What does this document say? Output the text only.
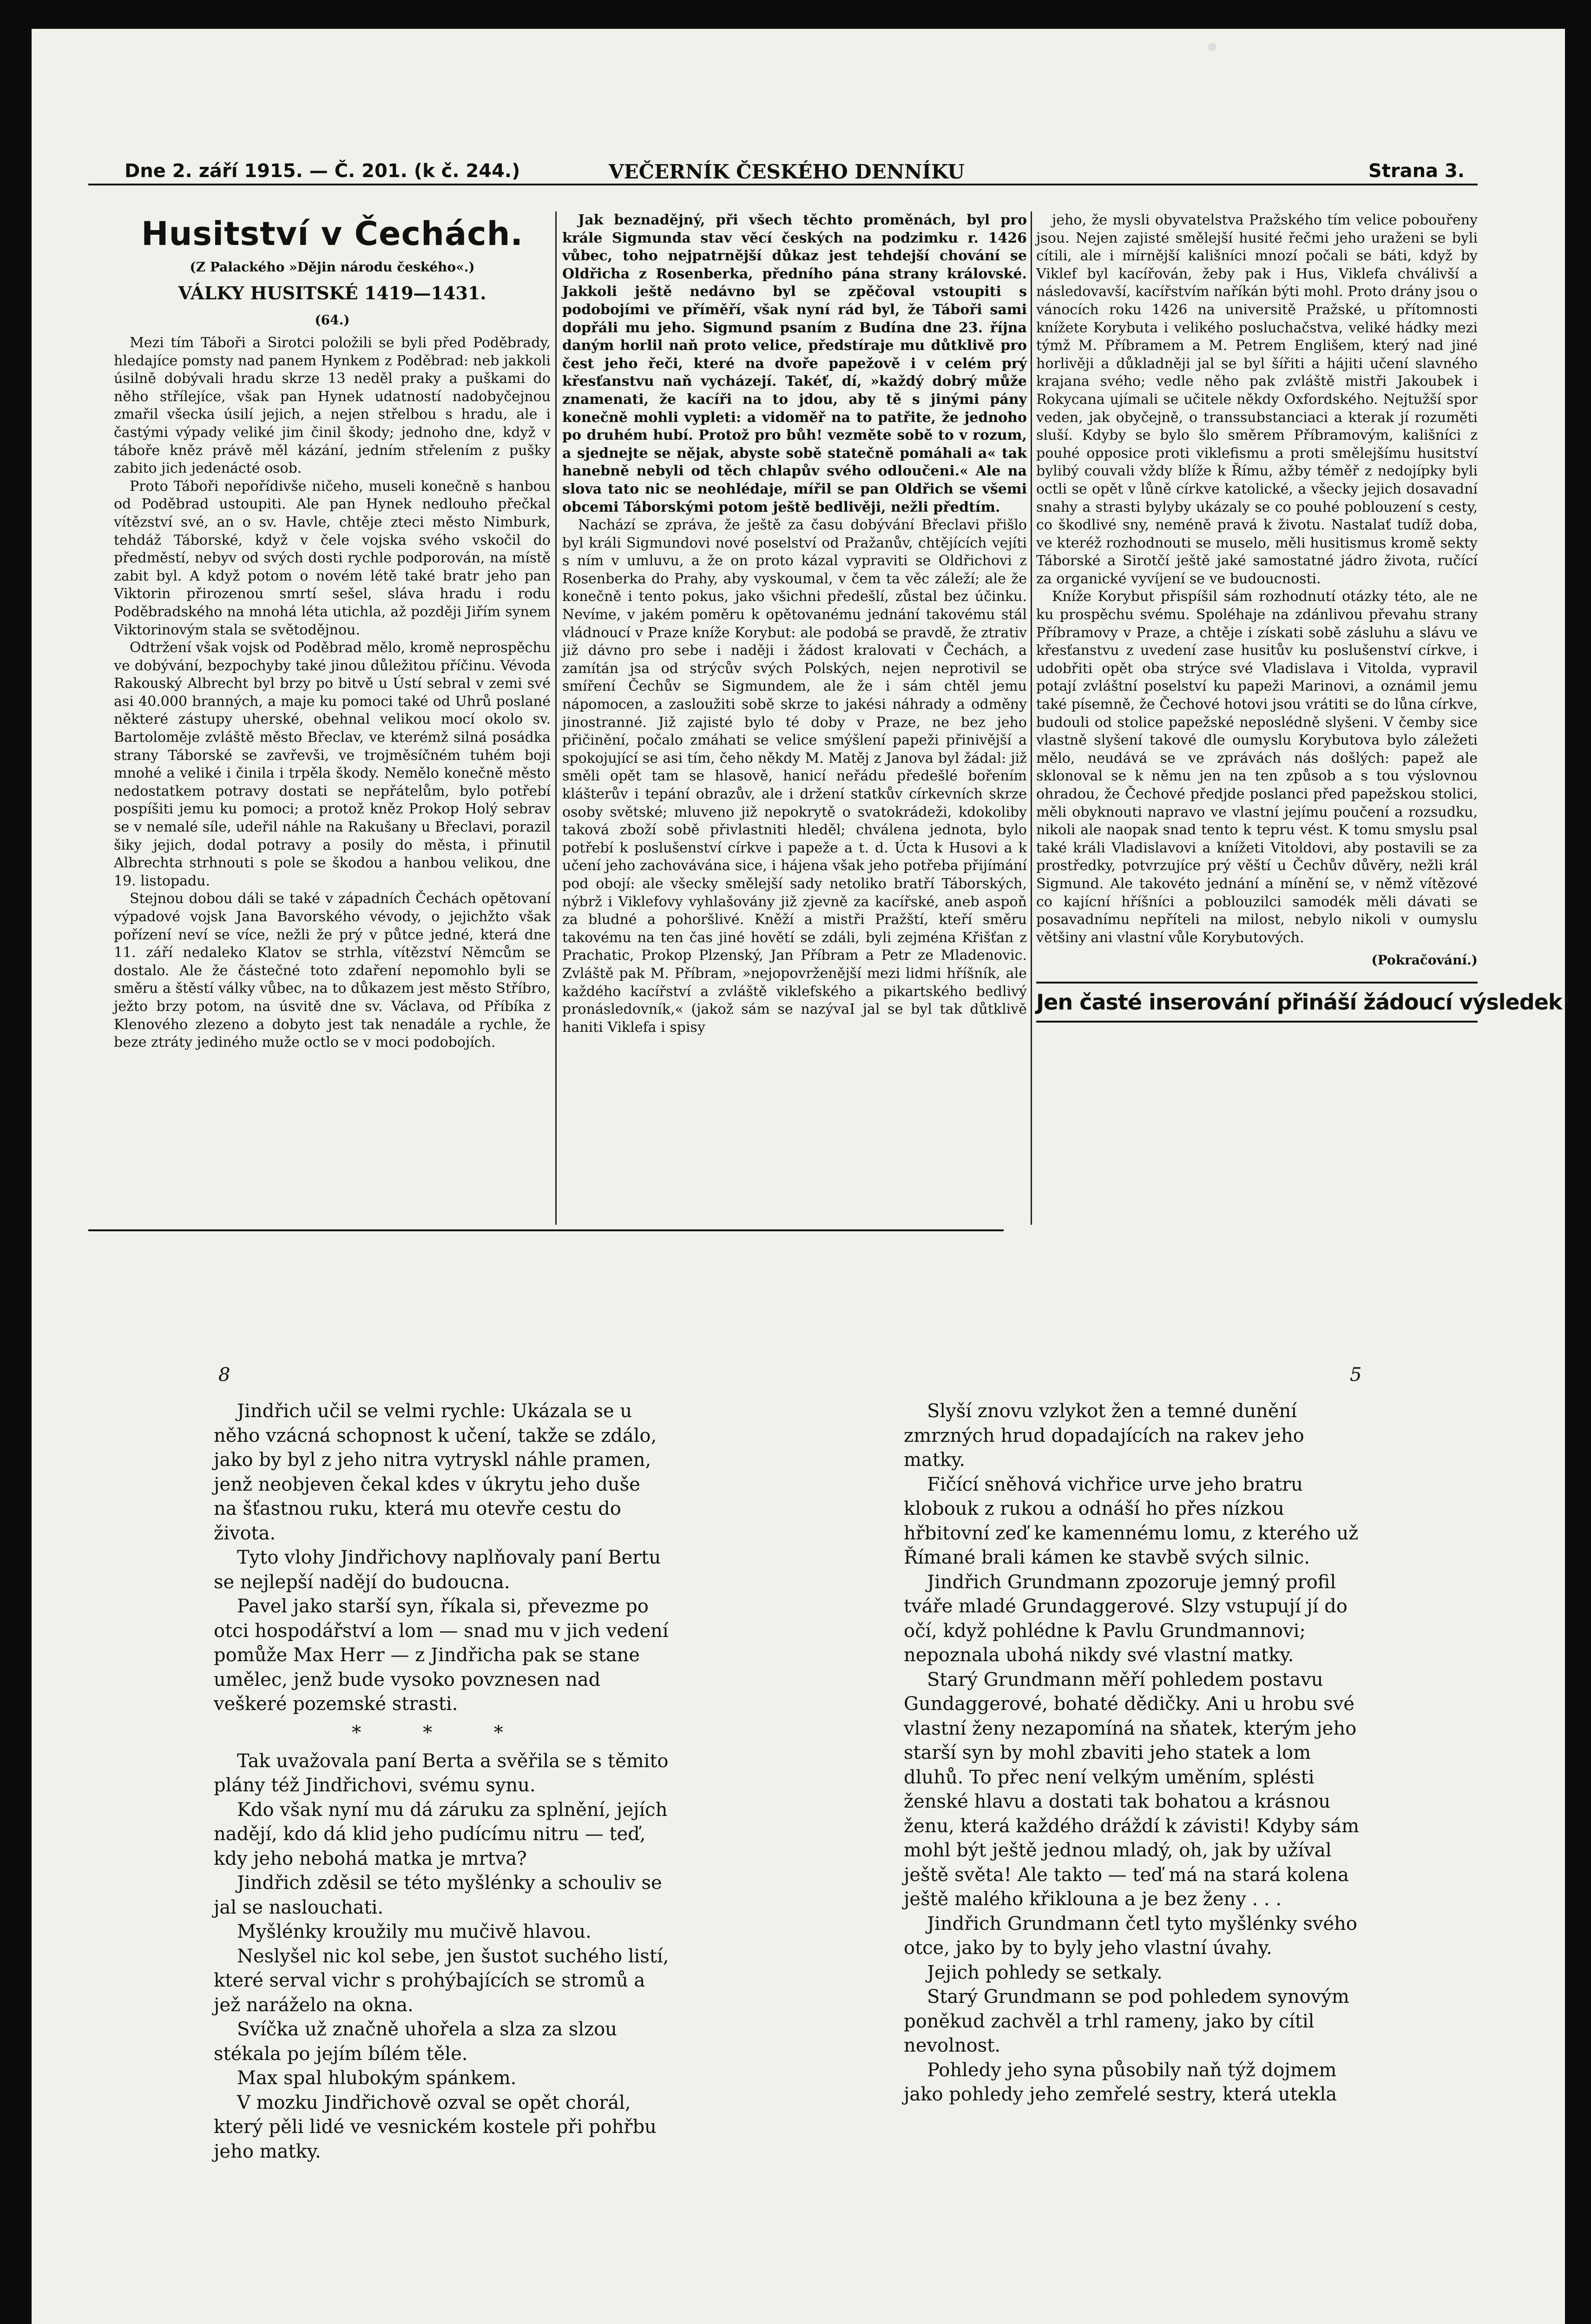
Dne 2. září 1915. — Č. 201. (k č. 244.)	VEČERNÍK ČESKÉHO DENNÍKU	Strana 3.
Husitství v Čechách.
(Z Palackého »Dějin národu českého«.)
VÁLKY HUSITSKÉ 1419—1431.
(64.)

Mezi tím Táboři a Sirotci položili se byli před Poděbrady, hledajíce pomsty nad panem Hynkem z Poděbrad: neb jakkoli úsilně dobývali hradu skrze 13 neděl praky a puškami do něho střílejíce, však pan Hynek udatností nadobyčejnou zmařil všecka úsilí jejich, a nejen střelbou s hradu, ale i častými výpady veliké jim činil škody; jednoho dne, když v táboře kněz právě měl kázání, jedním střelením z pušky zabito jich jedenácté osob.

Proto Táboři nepořídivše ničeho, museli konečně s hanbou od Poděbrad ustoupiti. Ale pan Hynek nedlouho přečkal vítězství své, an o sv. Havle, chtěje zteci město Nimburk, tehdáž Táborské, když v čele vojska svého vskočil do předměstí, nebyv od svých dosti rychle podporován, na místě zabit byl. A když potom o novém létě také bratr jeho pan Viktorin přirozenou smrtí sešel, sláva hradu i rodu Poděbradského na mnohá léta utichla, až později Jiřím synem Viktorinovým stala se světodějnou.

Odtržení však vojsk od Poděbrad mělo, kromě neprospěchu ve dobývání, bezpochyby také jinou důležitou příčinu. Vévoda Rakouský Albrecht byl brzy po bitvě u Ústí sebral v zemi své asi 40.000 branných, a maje ku pomoci také od Uhrů poslané některé zástupy uherské, obehnal velikou mocí okolo sv. Bartoloměje zvláště město Břeclav, ve kterémž silná posádka strany Táborské se zavřevši, ve trojměsíčném tuhém boji mnohé a veliké i činila i trpěla škody. Nemělo konečně město nedostatkem potravy dostati se nepřátelům, bylo potřebí pospíšiti jemu ku pomoci; a protož kněz Prokop Holý sebrav se v nemalé síle, udeřil náhle na Rakušany u Břeclavi, porazil šiky jejich, dodal potravy a posily do města, i přinutil Albrechta strhnouti s pole se škodou a hanbou velikou, dne 19. listopadu.

Stejnou dobou dáli se také v západních Čechách opětovaní výpadové vojsk Jana Bavorského vévody, o jejichžto však pořízení neví se více, nežli že prý v půtce jedné, která dne 11. září nedaleko Klatov se strhla, vítězství Němcům se dostalo. Ale že částečné toto zdaření nepomohlo byli se směru a štěstí války vůbec, na to důkazem jest město Stříbro, ježto brzy potom, na úsvitě dne sv. Václava, od Příbíka z Klenového zlezeno a dobyto jest tak nenadále a rychle, že beze ztráty jediného muže octlo se v moci podobojích.

Jak beznadějný, při všech těchto proměnách, byl pro krále Sigmunda stav věcí českých na podzimku r. 1426 vůbec, toho nejpatrnější důkaz jest tehdejší chování se Oldřicha z Rosenberka, předního pána strany královské. Jakkoli ještě nedávno byl se zpěčoval vstoupiti s podobojími ve příměří, však nyní rád byl, že Táboři sami dopřáli mu jeho. Sigmund psaním z Budína dne 23. října daným horlil naň proto velice, předstíraje mu důtklivě pro čest jeho řeči, které na dvoře papežově i v celém prý křesťanstvu naň vycházejí. Takéť, dí, »každý dobrý může znamenati, že kacíři na to jdou, aby tě s jinými pány konečně mohli vypleti: a vidoměř na to patřite, že jednoho po druhém hubí. Protož pro bůh! vezměte sobě to v rozum, a sjednejte se nějak, abyste sobě statečně pomáhali a« tak hanebně nebyli od těch chlapův svého odloučeni.« Ale na slova tato nic se neohlédaje, mířil se pan Oldřich se všemi obcemi Táborskými potom ještě bedlivěji, nežli předtím.

Nachází se zpráva, že ještě za času dobývání Břeclavi přišlo byl králi Sigmundovi nové poselství od Pražanův, chtějících vejíti s ním v umluvu, a že on proto kázal vypraviti se Oldřichovi z Rosenberka do Prahy, aby vyskoumal, v čem ta věc záleží; ale že konečně i tento pokus, jako všichni předešlí, zůstal bez účinku. Nevíme, v jakém poměru k opětovanému jednání takovému stál vládnoucí v Praze kníže Korybut: ale podobá se pravdě, že ztrativ již dávno pro sebe i naději i žádost kralovati v Čechách, a zamítán jsa od strýcův svých Polských, nejen neprotivil se smíření Čechův se Sigmundem, ale že i sám chtěl jemu nápomocen, a zasloužiti sobě skrze to jakési náhrady a odměny jinostranné. Již zajisté bylo té doby v Praze, ne bez jeho přičinění, počalo zmáhati se velice smýšlení papeži přinivější a spokojující se asi tím, čeho někdy M. Matěj z Janova byl žádal: již směli opět tam se hlasově, hanicí neřádu předešlé bořením klášterův i tepání obrazův, ale i držení statkův církevních skrze osoby světské; mluveno již nepokrytě o svatokrádeži, kdokoliby taková zboží sobě přivlastniti hleděl; chválena jednota, bylo potřebí k poslušenství církve i papeže a t. d. Úcta k Husovi a k učení jeho zachovávána sice, i hájena však jeho potřeba přijímání pod obojí: ale všecky smělejší sady netoliko bratří Táborských, nýbrž i Viklefovy vyhlašovány již zjevně za kacířské, aneb aspoň za bludné a pohoršlivé. Kněží a mistři Pražští, kteří směru takovému na ten čas jiné hovětí se zdáli, byli zejména Křišťan z Prachatic, Prokop Plzenský, Jan Příbram a Petr ze Mladenovic. Zvláště pak M. Příbram, »nejopovrženější mezi lidmi hříšník, ale každého kacířství a zvláště viklefského a pikartského bedlivý pronásledovník,« (jakož sám se nazývaI jal se byl tak důtklivě haniti Viklefa i spisy

jeho, že mysli obyvatelstva Pražského tím velice pobouřeny jsou. Nejen zajisté smělejší husité řečmi jeho uraženi se byli cítili, ale i mírnější kališníci mnozí počali se báti, když by Viklef byl kacířován, žeby pak i Hus, Viklefa chválivší a následovavší, kacířstvím naříkán býti mohl. Proto drány jsou o vánocích roku 1426 na universitě Pražské, u přítomnosti knížete Korybuta i velikého posluchačstva, veliké hádky mezi týmž M. Příbramem a M. Petrem Englišem, který nad jiné horlivěji a důkladněji jal se byl šířiti a hájiti učení slavného krajana svého; vedle něho pak zvláště mistři Jakoubek i Rokycana ujímali se učitele někdy Oxfordského. Nejtužší spor veden, jak obyčejně, o transsubstanciaci a kterak jí rozuměti sluší. Kdyby se bylo šlo směrem Příbramovým, kališníci z pouhé opposice proti viklefismu a proti smělejšímu husitství bylibý couvali vždy blíže k Římu, ažby téměř z nedojípky byli octli se opět v lůně církve katolické, a všecky jejich dosavadní snahy a strasti bylyby ukázaly se co pouhé poblouzení s cesty, co škodlivé sny, neméně pravá k životu. Nastalať tudíž doba, ve kteréž rozhodnouti se muselo, měli husitismus kromě sekty Táborské a Sirotčí ještě jaké samostatné jádro života, ručící za organické vyvíjení se ve budoucnosti.

Kníže Korybut přispíšil sám rozhodnutí otázky této, ale ne ku prospěchu svému. Spoléhaje na zdánlivou převahu strany Příbramovy v Praze, a chtěje i získati sobě zásluhu a slávu ve křesťanstvu z uvedení zase husitův ku poslušenství církve, i udobřiti opět oba strýce své Vladislava i Vitolda, vypravil potají zvláštní poselství ku papeži Marinovi, a oznámil jemu také písemně, že Čechové hotovi jsou vrátiti se do lůna církve, budouli od stolice papežské neposlédně slyšeni. V čemby sice vlastně slyšení takové dle oumyslu Korybutova bylo záležeti mělo, neudává se ve zprávách nás došlých: papež ale sklonoval se k němu jen na ten způsob a s tou výslovnou ohradou, že Čechové předjde poslanci před papežskou stolici, měli obyknouti napravo ve vlastní jejímu poučení a rozsudku, nikoli ale naopak snad tento k tepru vést. K tomu smyslu psal také králi Vladislavovi a knížeti Vitoldovi, aby postavili se za prostředky, potvrzujíce prý věští u Čechův důvěry, nežli král Sigmund. Ale takovéto jednání a mínění se, v němž vítězové co kajícní hříšníci a poblouzilci samodék měli dávati se posavadnímu nepříteli na milost, nebylo nikoli v oumyslu většiny ani vlastní vůle Korybutových.

(Pokračování.)
Jen časté inserování přináší žádoucí výsledek!
8	5

Jindřich učil se velmi rychle: Ukázala se u něho vzácná schopnost k učení, takže se zdálo, jako by byl z jeho nitra vytryskl náhle pramen, jenž neobjeven čekal kdes v úkrytu jeho duše na šťastnou ruku, která mu otevře cestu do života.

Tyto vlohy Jindřichovy naplňovaly paní Bertu se nejlepší nadějí do budoucna.

Pavel jako starší syn, říkala si, převezme po otci hospodářství a lom — snad mu v jich vedení pomůže Max Herr — z Jindřicha pak se stane umělec, jenž bude vysoko povznesen nad veškeré pozemské strasti.

* * *

Tak uvažovala paní Berta a svěřila se s těmito plány též Jindřichovi, svému synu.

Kdo však nyní mu dá záruku za splnění, jejích nadějí, kdo dá klid jeho pudícímu nitru — teď, kdy jeho nebohá matka je mrtva?

Jindřich zděsil se této myšlénky a schouliv se jal se naslouchati.

Myšlénky kroužily mu mučivě hlavou.

Neslyšel nic kol sebe, jen šustot suchého listí, které serval vichr s prohýbajících se stromů a jež naráželo na okna.

Svíčka už značně uhořela a slza za slzou stékala po jejím bílém těle.

Max spal hlubokým spánkem.

V mozku Jindřichově ozval se opět chorál, který pěli lidé ve vesnickém kostele při pohřbu jeho matky.

Slyší znovu vzlykot žen a temné dunění zmrzných hrud dopadajících na rakev jeho matky.

Fičící sněhová vichřice urve jeho bratru klobouk z rukou a odnáší ho přes nízkou hřbitovní zeď ke kamennému lomu, z kterého už Římané brali kámen ke stavbě svých silnic.

Jindřich Grundmann zpozoruje jemný profil tváře mladé Grundaggerové. Slzy vstupují jí do očí, když pohlédne k Pavlu Grundmannovi; nepoznala ubohá nikdy své vlastní matky.

Starý Grundmann měří pohledem postavu Gundaggerové, bohaté dědičky. Ani u hrobu své vlastní ženy nezapomíná na sňatek, kterým jeho starší syn by mohl zbaviti jeho statek a lom dluhů. To přec není velkým uměním, splésti ženské hlavu a dostati tak bohatou a krásnou ženu, která každého dráždí k závisti! Kdyby sám mohl být ještě jednou mladý, oh, jak by užíval ještě světa! Ale takto — teď má na stará kolena ještě malého křiklouna a je bez ženy . . .

Jindřich Grundmann četl tyto myšlénky svého otce, jako by to byly jeho vlastní úvahy.

Jejich pohledy se setkaly.

Starý Grundmann se pod pohledem synovým poněkud zachvěl a trhl rameny, jako by cítil nevolnost.

Pohledy jeho syna působily naň týž dojmem jako pohledy jeho zemřelé sestry, která utekla
